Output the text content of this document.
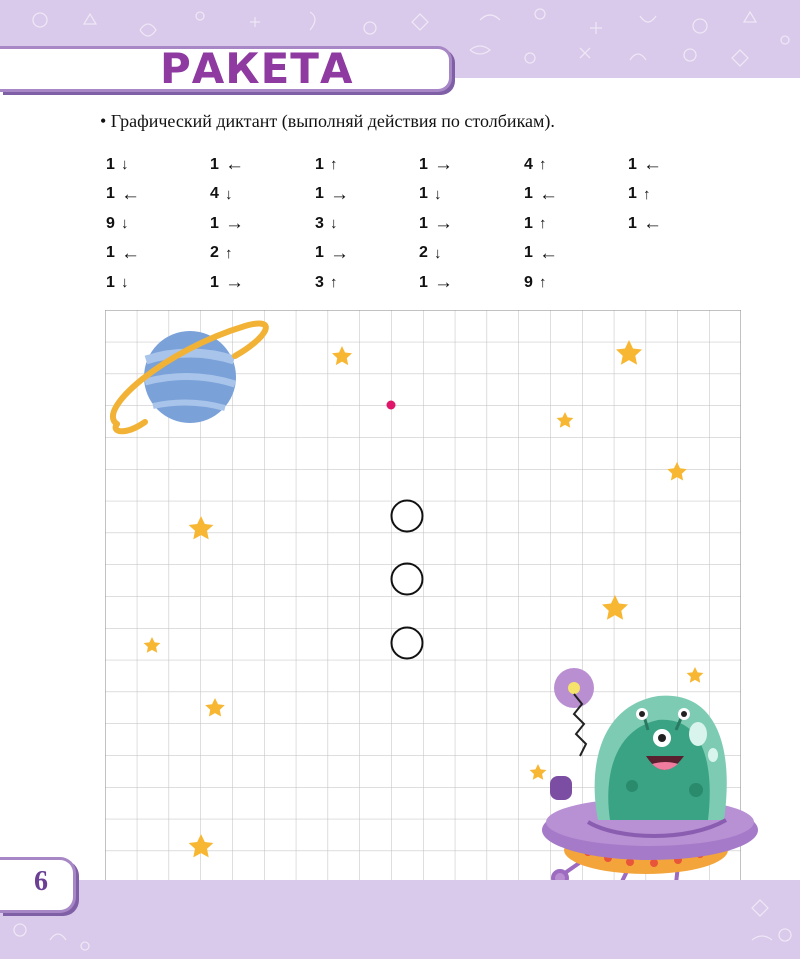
РАКЕТА
• Графический диктант (выполняй действия по столбикам).
1 ↓
1 ←
9 ↓
1 ←
1 ↓
1 ←
4 ↓
1 →
2 ↑
1 →
1 ↑
1 →
3 ↓
1 →
3 ↑
1 →
1 ↓
1 →
2 ↓
1 →
4 ↑
1 ←
1 ↑
1 ←
9 ↑
1 ←
1 ↑
1 ←
6
